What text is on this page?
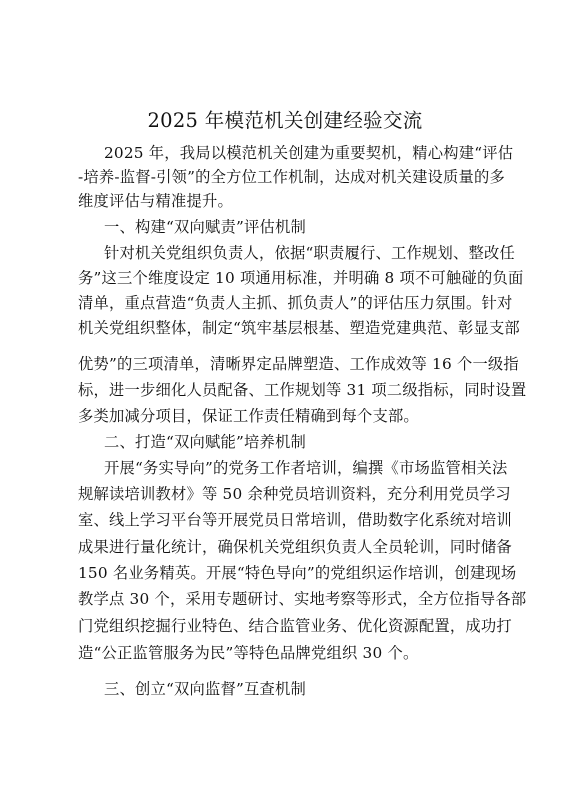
2025 年模范机关创建经验交流
2025 年，我局以模范机关创建为重要契机，精心构建“评估
-培养-监督-引领”的全方位工作机制，达成对机关建设质量的多
维度评估与精准提升。
一、构建“双向赋责”评估机制
针对机关党组织负责人，依据“职责履行、工作规划、整改任
务”这三个维度设定 10 项通用标准，并明确 8 项不可触碰的负面
清单，重点营造“负责人主抓、抓负责人”的评估压力氛围。针对
机关党组织整体，制定“筑牢基层根基、塑造党建典范、彰显支部
优势”的三项清单，清晰界定品牌塑造、工作成效等 16 个一级指
标，进一步细化人员配备、工作规划等 31 项二级指标，同时设置
多类加减分项目，保证工作责任精确到每个支部。
二、打造“双向赋能”培养机制
开展“务实导向”的党务工作者培训，编撰《市场监管相关法
规解读培训教材》等 50 余种党员培训资料，充分利用党员学习
室、线上学习平台等开展党员日常培训，借助数字化系统对培训
成果进行量化统计，确保机关党组织负责人全员轮训，同时储备
150 名业务精英。开展“特色导向”的党组织运作培训，创建现场
教学点 30 个，采用专题研讨、实地考察等形式，全方位指导各部
门党组织挖掘行业特色、结合监管业务、优化资源配置，成功打
造“公正监管服务为民”等特色品牌党组织 30 个。
三、创立“双向监督”互查机制
